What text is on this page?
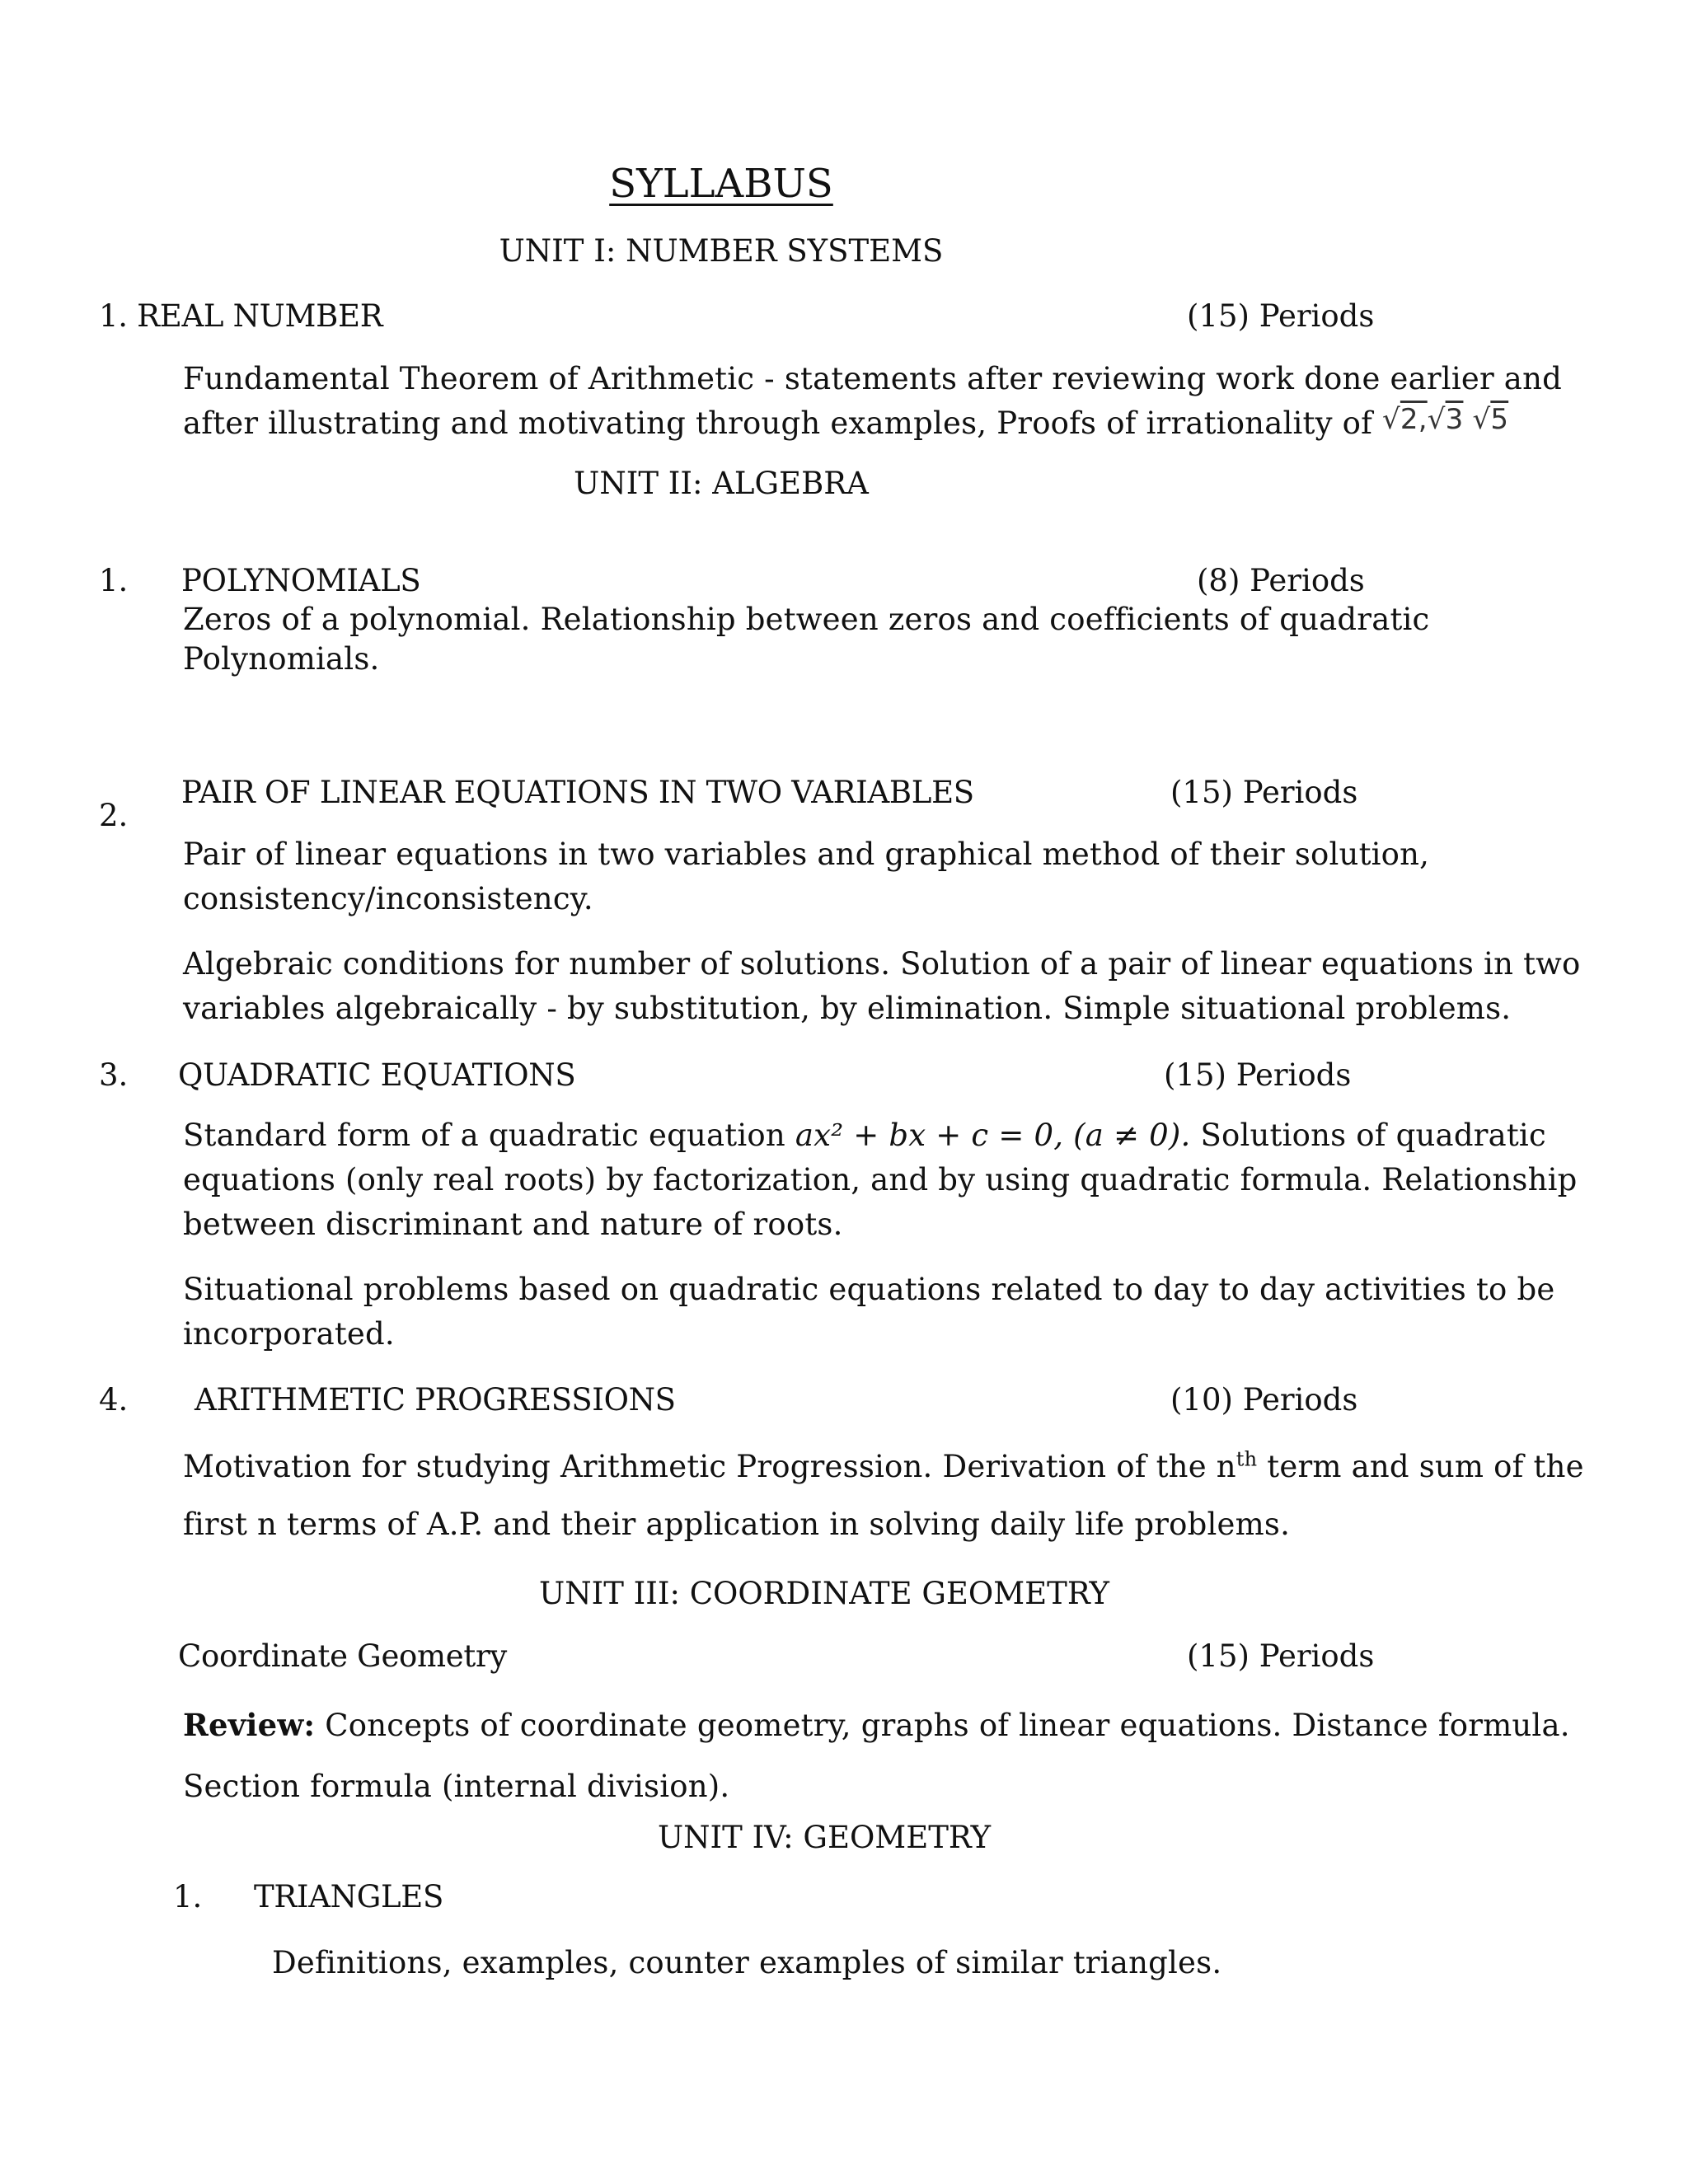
SYLLABUS
UNIT I: NUMBER SYSTEMS
1. REAL NUMBER	(15) Periods

Fundamental Theorem of Arithmetic - statements after reviewing work done earlier and

after illustrating and motivating through examples, Proofs of irrationality of √2,√3 √5

UNIT II: ALGEBRA
1. POLYNOMIALS	(8) Periods

Zeros of a polynomial. Relationship between zeros and coefficients of quadratic

Polynomials.

2.
PAIR OF LINEAR EQUATIONS IN TWO VARIABLES	(15) Periods

Pair of linear equations in two variables and graphical method of their solution,

consistency/inconsistency.

Algebraic conditions for number of solutions. Solution of a pair of linear equations in two

variables algebraically - by substitution, by elimination. Simple situational problems.

3. QUADRATIC EQUATIONS	(15) Periods

Standard form of a quadratic equation ax² + bx + c = 0, (a ≠ 0). Solutions of quadratic

equations (only real roots) by factorization, and by using quadratic formula. Relationship

between discriminant and nature of roots.

Situational problems based on quadratic equations related to day to day activities to be

incorporated.

4. ARITHMETIC PROGRESSIONS	(10) Periods

Motivation for studying Arithmetic Progression. Derivation of the $n^{th}$ term and sum of the

first n terms of A.P. and their application in solving daily life problems.

UNIT III: COORDINATE GEOMETRY
Coordinate Geometry	(15) Periods

Review: Concepts of coordinate geometry, graphs of linear equations. Distance formula.

Section formula (internal division).

UNIT IV: GEOMETRY
1. TRIANGLES

Definitions, examples, counter examples of similar triangles.
